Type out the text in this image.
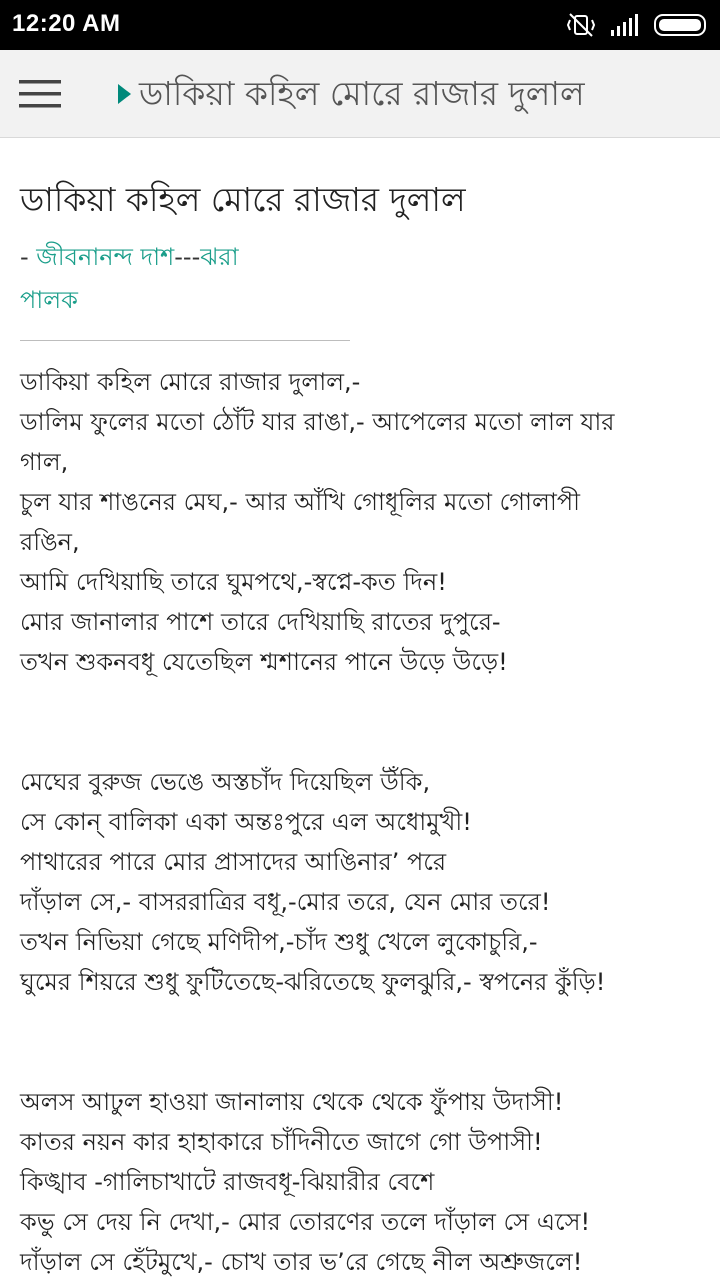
12:20 AM
ডাকিয়া কহিল মোরে রাজার দুলাল
ডাকিয়া কহিল মোরে রাজার দুলাল
- জীবনানন্দ দাশ---ঝরা
পালক
ডাকিয়া কহিল মোরে রাজার দুলাল,-
ডালিম ফুলের মতো ঠোঁট যার রাঙা,- আপেলের মতো লাল যার
গাল,
চুল যার শাঙনের মেঘ,- আর আঁখি গোধূলির মতো গোলাপী
রঙিন,
আমি দেখিয়াছি তারে ঘুমপথে,-স্বপ্নে-কত দিন!
মোর জানালার পাশে তারে দেখিয়াছি রাতের দুপুরে-
তখন শুকনবধূ যেতেছিল শ্মশানের পানে উড়ে উড়ে!
মেঘের বুরুজ ভেঙে অস্তচাঁদ দিয়েছিল উঁকি,
সে কোন্ বালিকা একা অন্তঃপুরে এল অধোমুখী!
পাথারের পারে মোর প্রাসাদের আঙিনার’ পরে
দাঁড়াল সে,- বাসররাত্রির বধূ,-মোর তরে, যেন মোর তরে!
তখন নিভিয়া গেছে মণিদীপ,-চাঁদ শুধু খেলে লুকোচুরি,-
ঘুমের শিয়রে শুধু ফুটিতেছে-ঝরিতেছে ফুলঝুরি,- স্বপনের কুঁড়ি!
অলস আঢুল হাওয়া জানালায় থেকে থেকে ফুঁপায় উদাসী!
কাতর নয়ন কার হাহাকারে চাঁদিনীতে জাগে গো উপাসী!
কিঙ্খাব -গালিচাখাটে রাজবধূ-ঝিয়ারীর বেশে
কভু সে দেয় নি দেখা,- মোর তোরণের তলে দাঁড়াল সে এসে!
দাঁড়াল সে হেঁটমুখে,- চোখ তার ভ’রে গেছে নীল অশ্রুজলে!
